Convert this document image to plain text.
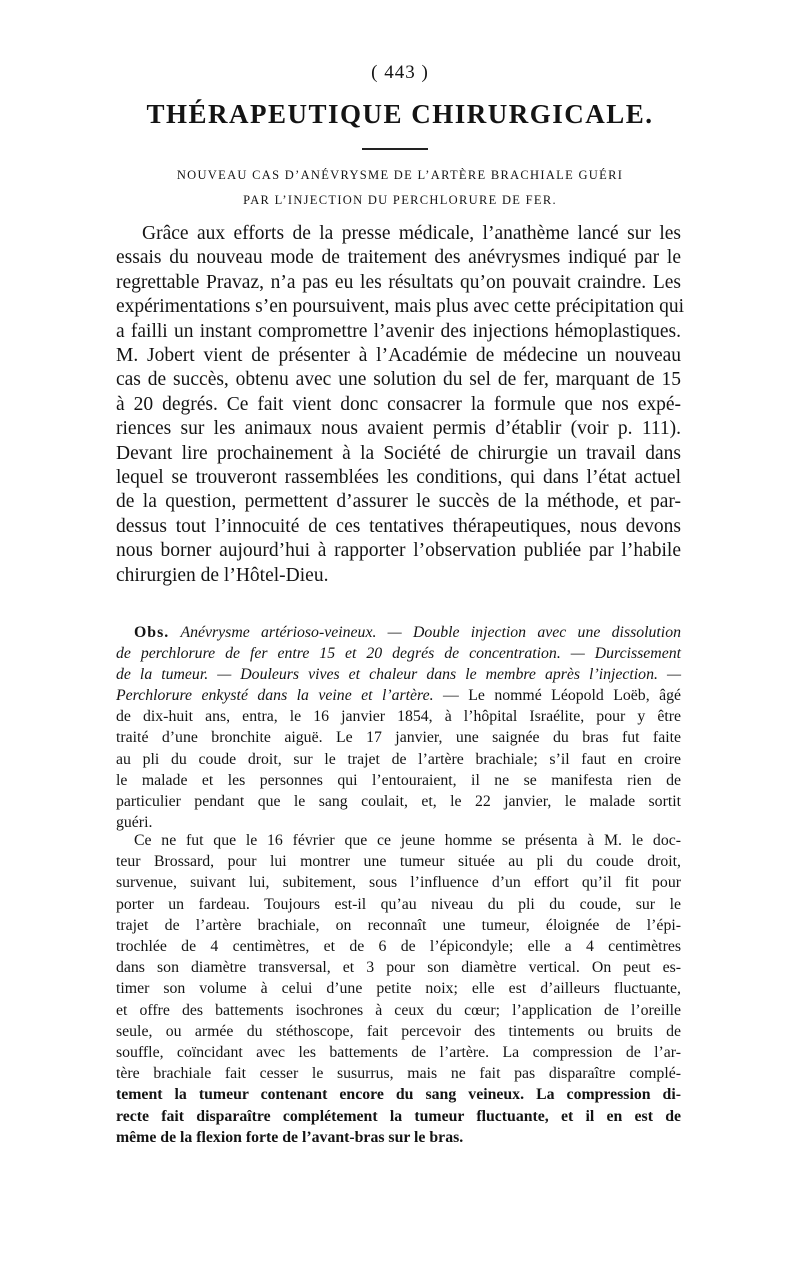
( 443 )
THÉRAPEUTIQUE CHIRURGICALE.
NOUVEAU CAS D’ANÉVRYSME DE L’ARTÈRE BRACHIALE GUÉRI
PAR L’INJECTION DU PERCHLORURE DE FER.
Grâce aux efforts de la presse médicale, l’anathème lancé sur les
essais du nouveau mode de traitement des anévrysmes indiqué par le
regrettable Pravaz, n’a pas eu les résultats qu’on pouvait craindre. Les
expérimentations s’en poursuivent, mais plus avec cette précipitation qui
a failli un instant compromettre l’avenir des injections hémoplastiques.
M. Jobert vient de présenter à l’Académie de médecine un nouveau
cas de succès, obtenu avec une solution du sel de fer, marquant de 15
à 20 degrés. Ce fait vient donc consacrer la formule que nos expé-
riences sur les animaux nous avaient permis d’établir (voir p. 111).
Devant lire prochainement à la Société de chirurgie un travail dans
lequel se trouveront rassemblées les conditions, qui dans l’état actuel
de la question, permettent d’assurer le succès de la méthode, et par-
dessus tout l’innocuité de ces tentatives thérapeutiques, nous devons
nous borner aujourd’hui à rapporter l’observation publiée par l’habile
chirurgien de l’Hôtel-Dieu.
Obs. Anévrysme artérioso-veineux. — Double injection avec une dissolution
de perchlorure de fer entre 15 et 20 degrés de concentration. — Durcissement
de la tumeur. — Douleurs vives et chaleur dans le membre après l’injection. —
Perchlorure enkysté dans la veine et l’artère. — Le nommé Léopold Loëb, âgé
de dix-huit ans, entra, le 16 janvier 1854, à l’hôpital Israélite, pour y être
traité d’une bronchite aiguë. Le 17 janvier, une saignée du bras fut faite
au pli du coude droit, sur le trajet de l’artère brachiale; s’il faut en croire
le malade et les personnes qui l’entouraient, il ne se manifesta rien de
particulier pendant que le sang coulait, et, le 22 janvier, le malade sortit
guéri.
Ce ne fut que le 16 février que ce jeune homme se présenta à M. le doc-
teur Brossard, pour lui montrer une tumeur située au pli du coude droit,
survenue, suivant lui, subitement, sous l’influence d’un effort qu’il fit pour
porter un fardeau. Toujours est-il qu’au niveau du pli du coude, sur le
trajet de l’artère brachiale, on reconnaît une tumeur, éloignée de l’épi-
trochlée de 4 centimètres, et de 6 de l’épicondyle; elle a 4 centimètres
dans son diamètre transversal, et 3 pour son diamètre vertical. On peut es-
timer son volume à celui d’une petite noix; elle est d’ailleurs fluctuante,
et offre des battements isochrones à ceux du cœur; l’application de l’oreille
seule, ou armée du stéthoscope, fait percevoir des tintements ou bruits de
souffle, coïncidant avec les battements de l’artère. La compression de l’ar-
tère brachiale fait cesser le susurrus, mais ne fait pas disparaître complé-
tement la tumeur contenant encore du sang veineux. La compression di-
recte fait disparaître complétement la tumeur fluctuante, et il en est de
même de la flexion forte de l’avant-bras sur le bras.
